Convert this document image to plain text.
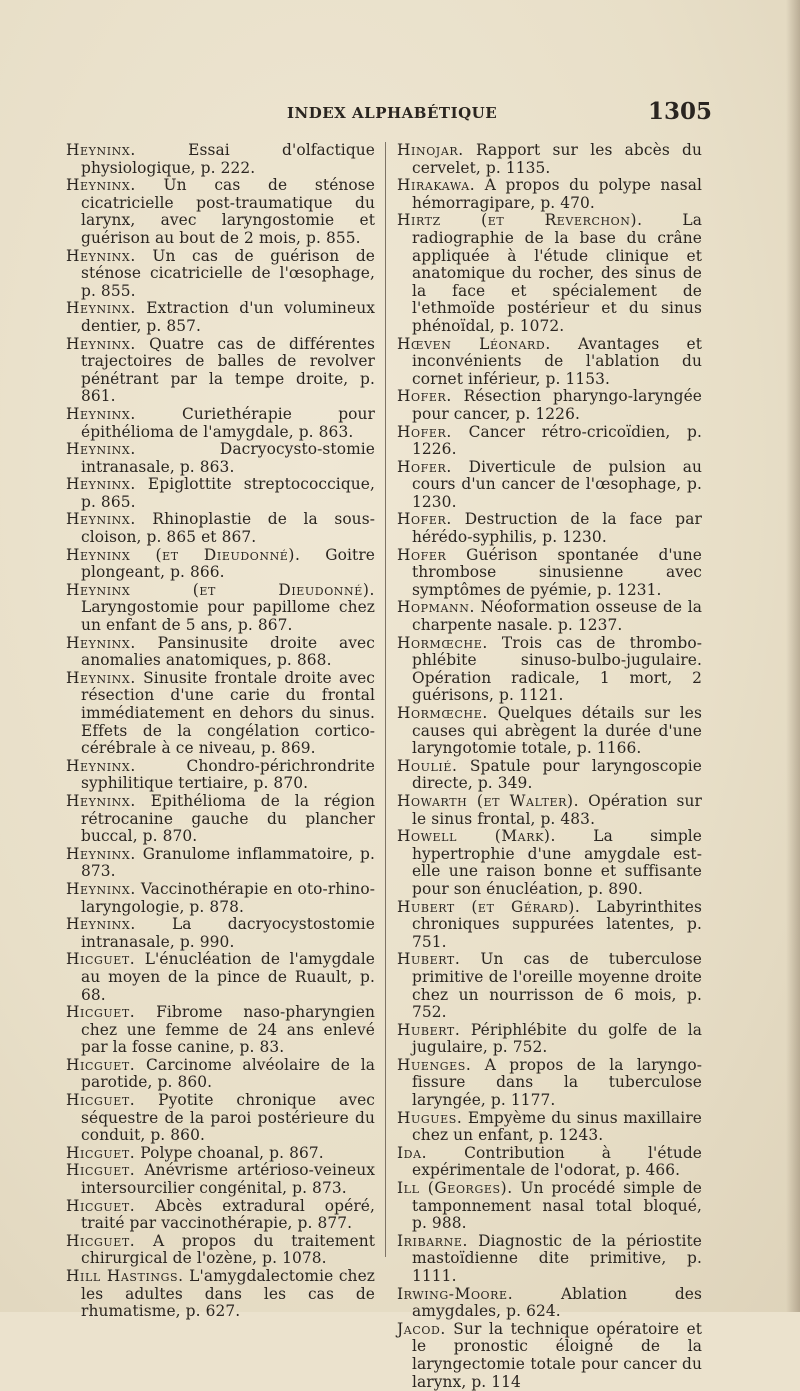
INDEX ALPHABÉTIQUE	1305

Heyninx. Essai d'olfactique physiologique, p. 222.

Heyninx. Un cas de sténose cicatricielle post-traumatique du larynx, avec laryngostomie et guérison au bout de 2 mois, p. 855.

Heyninx. Un cas de guérison de sténose cicatricielle de l'œsophage, p. 855.

Heyninx. Extraction d'un volumineux dentier, p. 857.

Heyninx. Quatre cas de différentes trajectoires de balles de revolver pénétrant par la tempe droite, p. 861.

Heyninx. Curiethérapie pour épithélioma de l'amygdale, p. 863.

Heyninx. Dacryocysto-stomie intranasale, p. 863.

Heyninx. Epiglottite streptococcique, p. 865.

Heyninx. Rhinoplastie de la sous-cloison, p. 865 et 867.

Heyninx (et Dieudonné). Goitre plongeant, p. 866.

Heyninx (et Dieudonné). Laryngostomie pour papillome chez un enfant de 5 ans, p. 867.

Heyninx. Pansinusite droite avec anomalies anatomiques, p. 868.

Heyninx. Sinusite frontale droite avec résection d'une carie du frontal immédiatement en dehors du sinus. Effets de la congélation cortico-cérébrale à ce niveau, p. 869.

Heyninx. Chondro-périchrondrite syphilitique tertiaire, p. 870.

Heyninx. Epithélioma de la région rétrocanine gauche du plancher buccal, p. 870.

Heyninx. Granulome inflammatoire, p. 873.

Heyninx. Vaccinothérapie en oto-rhino-laryngologie, p. 878.

Heyninx. La dacryocystostomie intranasale, p. 990.

Hicguet. L'énucléation de l'amygdale au moyen de la pince de Ruault, p. 68.

Hicguet. Fibrome naso-pharyngien chez une femme de 24 ans enlevé par la fosse canine, p. 83.

Hicguet. Carcinome alvéolaire de la parotide, p. 860.

Hicguet. Pyotite chronique avec séquestre de la paroi postérieure du conduit, p. 860.

Hicguet. Polype choanal, p. 867.

Hicguet. Anévrisme artérioso-veineux intersourcilier congénital, p. 873.

Hicguet. Abcès extradural opéré, traité par vaccinothérapie, p. 877.

Hicguet. A propos du traitement chirurgical de l'ozène, p. 1078.

Hill Hastings. L'amygdalectomie chez les adultes dans les cas de rhumatisme, p. 627.

Hinojar. Rapport sur les abcès du cervelet, p. 1135.

Hirakawa. A propos du polype nasal hémorragipare, p. 470.

Hirtz (et Reverchon). La radiographie de la base du crâne appliquée à l'étude clinique et anatomique du rocher, des sinus de la face et spécialement de l'ethmoïde postérieur et du sinus phénoïdal, p. 1072.

Hœven Léonard. Avantages et inconvénients de l'ablation du cornet inférieur, p. 1153.

Hofer. Résection pharyngo-laryngée pour cancer, p. 1226.

Hofer. Cancer rétro-cricoïdien, p. 1226.

Hofer. Diverticule de pulsion au cours d'un cancer de l'œsophage, p. 1230.

Hofer. Destruction de la face par hérédo-syphilis, p. 1230.

Hofer Guérison spontanée d'une thrombose sinusienne avec symptômes de pyémie, p. 1231.

Hopmann. Néoformation osseuse de la charpente nasale. p. 1237.

Hormœche. Trois cas de thrombo-phlébite sinuso-bulbo-jugulaire. Opération radicale, 1 mort, 2 guérisons, p. 1121.

Hormœche. Quelques détails sur les causes qui abrègent la durée d'une laryngotomie totale, p. 1166.

Houlié. Spatule pour laryngoscopie directe, p. 349.

Howarth (et Walter). Opération sur le sinus frontal, p. 483.

Howell (Mark). La simple hypertrophie d'une amygdale est-elle une raison bonne et suffisante pour son énucléation, p. 890.

Hubert (et Gérard). Labyrinthites chroniques suppurées latentes, p. 751.

Hubert. Un cas de tuberculose primitive de l'oreille moyenne droite chez un nourrisson de 6 mois, p. 752.

Hubert. Périphlébite du golfe de la jugulaire, p. 752.

Huenges. A propos de la laryngo-fissure dans la tuberculose laryngée, p. 1177.

Hugues. Empyème du sinus maxillaire chez un enfant, p. 1243.

Ida. Contribution à l'étude expérimentale de l'odorat, p. 466.

Ill (Georges). Un procédé simple de tamponnement nasal total bloqué, p. 988.

Iribarne. Diagnostic de la périostite mastoïdienne dite primitive, p. 1111.

Irwing-Moore. Ablation des amygdales, p. 624.

Jacod. Sur la technique opératoire et le pronostic éloigné de la laryngectomie totale pour cancer du larynx, p. 114
